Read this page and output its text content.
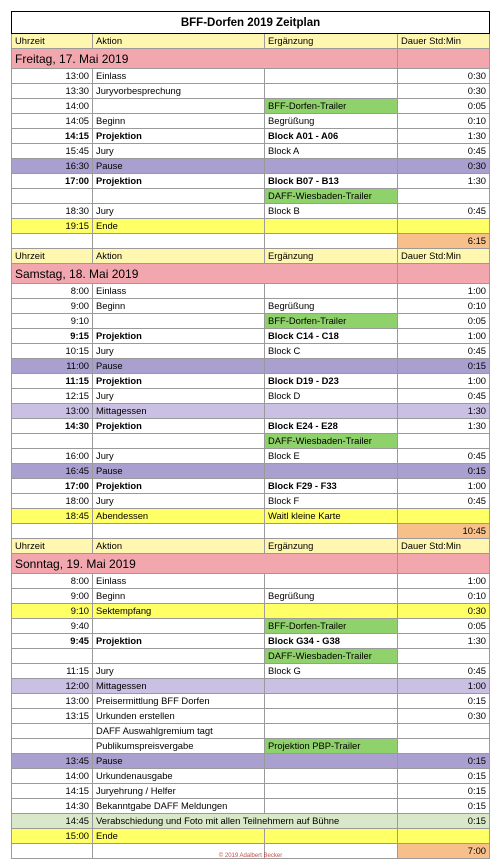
BFF-Dorfen 2019 Zeitplan			
Uhrzeit	Aktion	Ergänzung	Dauer Std:Min
Freitag, 17. Mai 2019			
13:00	Einlass		0:30
13:30	Juryvorbesprechung		0:30
14:00		BFF-Dorfen-Trailer	0:05
14:05	Beginn	Begrüßung	0:10
14:15	Projektion	Block A01 - A06	1:30
15:45	Jury	Block A	0:45
16:30	Pause		0:30
17:00	Projektion	Block B07 - B13	1:30
		DAFF-Wiesbaden-Trailer	
18:30	Jury	Block B	0:45
19:15	Ende		
			6:15
Uhrzeit	Aktion	Ergänzung	Dauer Std:Min
Samstag, 18. Mai 2019			
8:00	Einlass		1:00
9:00	Beginn	Begrüßung	0:10
9:10		BFF-Dorfen-Trailer	0:05
9:15	Projektion	Block C14 - C18	1:00
10:15	Jury	Block C	0:45
11:00	Pause		0:15
11:15	Projektion	Block D19 - D23	1:00
12:15	Jury	Block D	0:45
13:00	Mittagessen		1:30
14:30	Projektion	Block E24 - E28	1:30
		DAFF-Wiesbaden-Trailer	
16:00	Jury	Block E	0:45
16:45	Pause		0:15
17:00	Projektion	Block F29 - F33	1:00
18:00	Jury	Block F	0:45
18:45	Abendessen	Waitl kleine Karte	
			10:45
Uhrzeit	Aktion	Ergänzung	Dauer Std:Min
Sonntag, 19. Mai 2019			
8:00	Einlass		1:00
9:00	Beginn	Begrüßung	0:10
9:10	Sektempfang		0:30
9:40		BFF-Dorfen-Trailer	0:05
9:45	Projektion	Block G34 - G38	1:30
		DAFF-Wiesbaden-Trailer	
11:15	Jury	Block G	0:45
12:00	Mittagessen		1:00
13:00	Preisermittlung BFF Dorfen		0:15
13:15	Urkunden erstellen		0:30
	DAFF Auswahlgremium tagt		
	Publikumspreisvergabe	Projektion PBP-Trailer	
13:45	Pause		0:15
14:00	Urkundenausgabe		0:15
14:15	Juryehrung / Helfer		0:15
14:30	Bekanntgabe DAFF Meldungen		0:15
14:45	Verabschiedung und Foto mit allen Teilnehmern auf Bühne		0:15
15:00	Ende		
			7:00
© 2019 Adalbert Becker
